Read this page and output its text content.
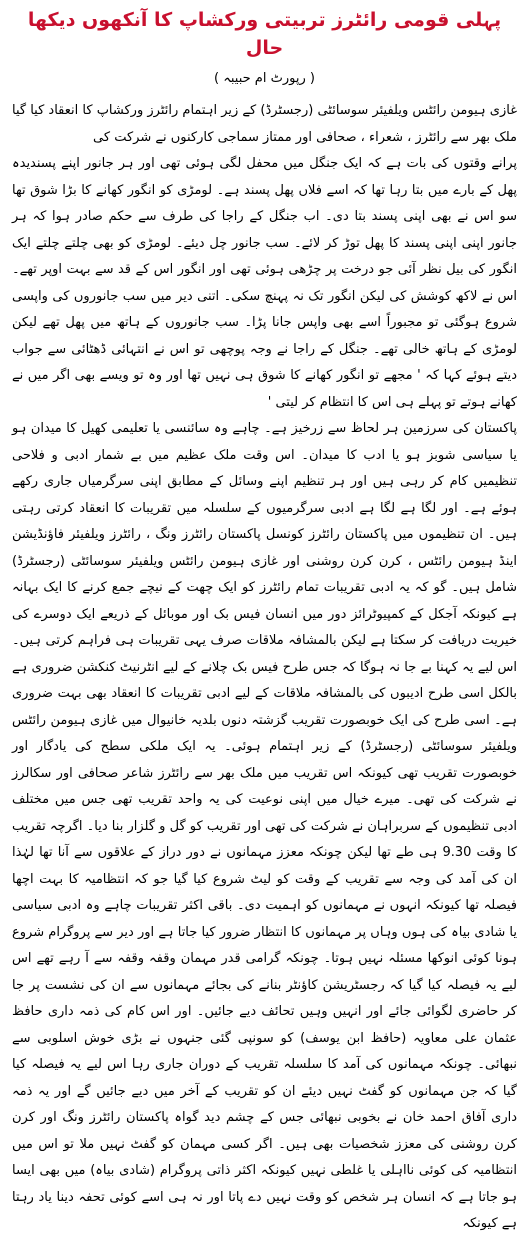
پہلی قومی رائٹرز تربیتی ورکشاپ کا آنکھوں دیکھا حال
( رپورٹ ام حبیبہ )

غازی ہیومن رائٹس ویلفیئر سوسائٹی (رجسٹرڈ) کے زیر اہتمام رائٹرز ورکشاپ کا انعقاد کیا گیا ملک بھر سے رائٹرز ، شعراء ، صحافی اور ممتاز سماجی کارکنوں نے شرکت کی

پرانے وقتوں کی بات ہے کہ ایک جنگل میں محفل لگی ہوئی تھی اور ہر جانور اپنے پسندیدہ پھل کے بارے میں بتا رہا تھا کہ اسے فلاں پھل پسند ہے۔ لومڑی کو انگور کھانے کا بڑا شوق تھا سو اس نے بھی اپنی پسند بتا دی۔ اب جنگل کے راجا کی طرف سے حکم صادر ہوا کہ ہر جانور اپنی اپنی پسند کا پھل توڑ کر لائے۔ سب جانور چل دیئے۔ لومڑی کو بھی چلتے چلتے ایک انگور کی بیل نظر آئی جو درخت پر چڑھی ہوئی تھی اور انگور اس کے قد سے بہت اوپر تھے۔ اس نے لاکھ کوشش کی لیکن انگور تک نہ پہنچ سکی۔ اتنی دیر میں سب جانوروں کی واپسی شروع ہوگئی تو مجبوراً اسے بھی واپس جانا پڑا۔ سب جانوروں کے ہاتھ میں پھل تھے لیکن لومڑی کے ہاتھ خالی تھے۔ جنگل کے راجا نے وجہ پوچھی تو اس نے انتہائی ڈھٹائی سے جواب دیتے ہوئے کہا کہ ' مجھے تو انگور کھانے کا شوق ہی نہیں تھا اور وہ تو ویسے بھی اگر میں نے کھانے ہوتے تو پہلے ہی اس کا انتظام کر لیتی '

پاکستان کی سرزمین ہر لحاظ سے زرخیز ہے۔ چاہے وہ سائنسی یا تعلیمی کھیل کا میدان ہو یا سیاسی شوبز ہو یا ادب کا میدان۔ اس وقت ملک عظیم میں بے شمار ادبی و فلاحی تنظیمیں کام کر رہی ہیں اور ہر تنظیم اپنے وسائل کے مطابق اپنی سرگرمیاں جاری رکھے ہوئے ہے۔ اور لگا ہے لگا ہے ادبی سرگرمیوں کے سلسلہ میں تقریبات کا انعقاد کرتی رہتی ہیں۔ ان تنظیموں میں پاکستان رائٹرز کونسل پاکستان رائٹرز ونگ ، رائٹرز ویلفیئر فاؤنڈیشن اینڈ ہیومن رائٹس ، کرن کرن روشنی اور غازی ہیومن رائٹس ویلفیئر سوسائٹی (رجسٹرڈ) شامل ہیں۔ گو کہ یہ ادبی تقریبات تمام رائٹرز کو ایک چھت کے نیچے جمع کرنے کا ایک بہانہ ہے کیونکہ آجکل کے کمپیوٹرائز دور میں انسان فیس بک اور موبائل کے ذریعے ایک دوسرے کی خیریت دریافت کر سکتا ہے لیکن بالمشافہ ملاقات صرف یہی تقریبات ہی فراہم کرتی ہیں۔ اس لیے یہ کہنا بے جا نہ ہوگا کہ جس طرح فیس بک چلانے کے لیے انٹرنیٹ کنکشن ضروری ہے بالکل اسی طرح ادیبوں کی بالمشافہ ملاقات کے لیے ادبی تقریبات کا انعقاد بھی بہت ضروری ہے۔ اسی طرح کی ایک خوبصورت تقریب گزشتہ دنوں بلدیہ خانیوال میں غازی ہیومن رائٹس ویلفیئر سوسائٹی (رجسٹرڈ) کے زیر اہتمام ہوئی۔ یہ ایک ملکی سطح کی یادگار اور خوبصورت تقریب تھی کیونکہ اس تقریب میں ملک بھر سے رائٹرز شاعر صحافی اور سکالرز نے شرکت کی تھی۔ میرے خیال میں اپنی نوعیت کی یہ واحد تقریب تھی جس میں مختلف ادبی تنظیموں کے سربراہان نے شرکت کی تھی اور تقریب کو گل و گلزار بنا دیا۔ اگرچہ تقریب کا وقت 9.30 ہی طے تھا لیکن چونکہ معزز مہمانوں نے دور دراز کے علاقوں سے آنا تھا لہٰذا ان کی آمد کی وجہ سے تقریب کے وقت کو لیٹ شروع کیا گیا جو کہ انتظامیہ کا بہت اچھا فیصلہ تھا کیونکہ انہوں نے مہمانوں کو اہمیت دی۔ باقی اکثر تقریبات چاہے وہ ادبی سیاسی یا شادی بیاہ کی ہوں وہاں پر مہمانوں کا انتظار ضرور کیا جاتا ہے اور دیر سے پروگرام شروع ہونا کوئی انوکھا مسئلہ نہیں ہوتا۔ چونکہ گرامی قدر مہمان وقفہ وقفہ سے آ رہے تھے اس لیے یہ فیصلہ کیا گیا کہ رجسٹریشن کاؤنٹر بنانے کی بجائے مہمانوں سے ان کی نشست پر جا کر حاضری لگوائی جائے اور انہیں وہیں تحائف دیے جائیں۔ اور اس کام کی ذمہ داری حافظ عثمان علی معاویہ (حافظ ابن یوسف) کو سونپی گئی جنہوں نے بڑی خوش اسلوبی سے نبھائی۔ چونکہ مہمانوں کی آمد کا سلسلہ تقریب کے دوران جاری رہا اس لیے یہ فیصلہ کیا گیا کہ جن مہمانوں کو گفٹ نہیں دیئے ان کو تقریب کے آخر میں دیے جائیں گے اور یہ ذمہ داری آفاق احمد خان نے بخوبی نبھائی جس کے چشم دید گواہ پاکستان رائٹرز ونگ اور کرن کرن روشنی کی معزز شخصیات بھی ہیں۔ اگر کسی مہمان کو گفٹ نہیں ملا تو اس میں انتظامیہ کی کوئی نااہلی یا غلطی نہیں کیونکہ اکثر ذاتی پروگرام (شادی بیاہ) میں بھی ایسا ہو جاتا ہے کہ انسان ہر شخص کو وقت نہیں دے پاتا اور نہ ہی اسے کوئی تحفہ دینا یاد رہتا ہے کیونکہ
